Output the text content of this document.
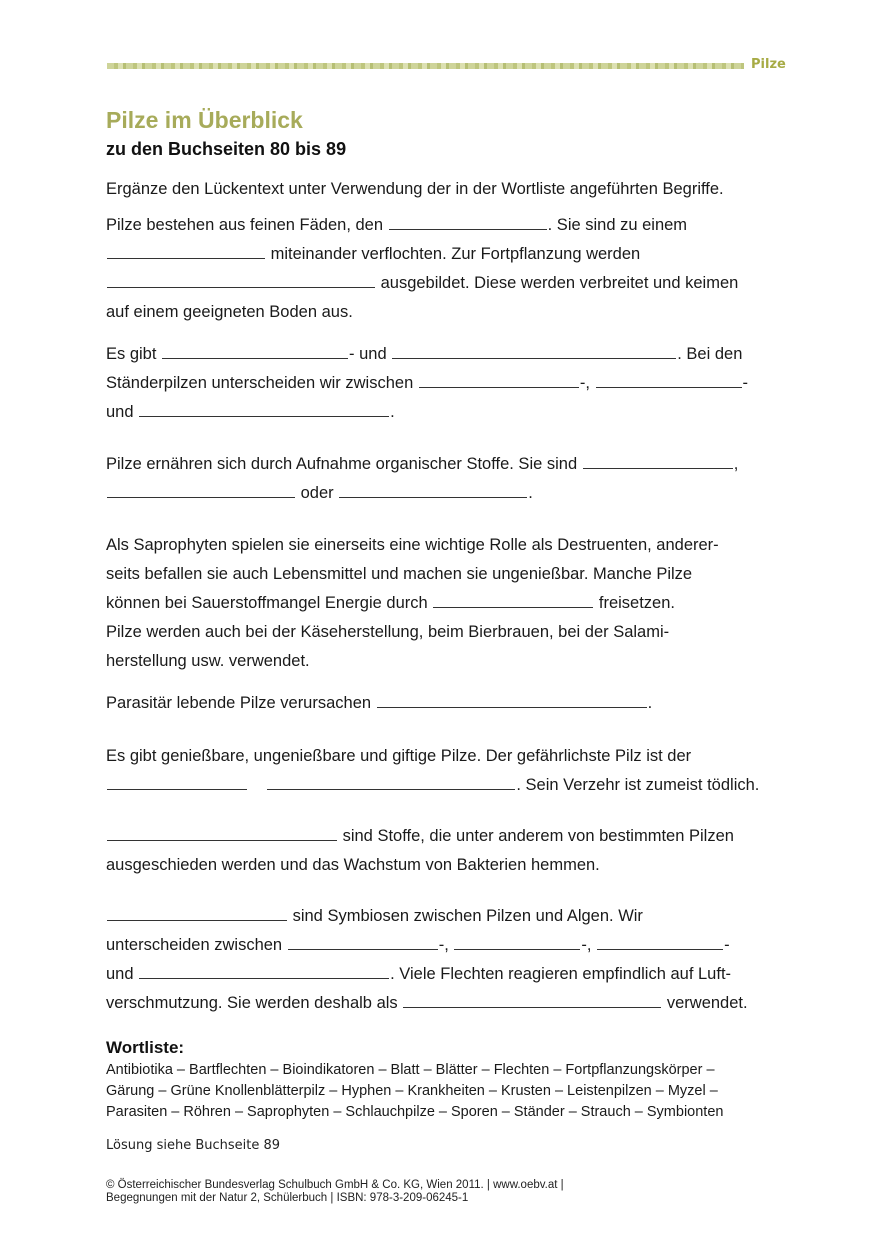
Pilze
Pilze im Überblick
zu den Buchseiten 80 bis 89
Ergänze den Lückentext unter Verwendung der in der Wortliste angeführten Begriffe.
Pilze bestehen aus feinen Fäden, den	. Sie sind zu einem
miteinander verflochten. Zur Fortpflanzung werden
ausgebildet. Diese werden verbreitet und keimen
auf einem geeigneten Boden aus.
Es gibt	- und	. Bei den
Ständerpilzen unterscheiden wir zwischen	-,	-
und	.
Pilze ernähren sich durch Aufnahme organischer Stoffe. Sie sind	,
oder	.
Als Saprophyten spielen sie einerseits eine wichtige Rolle als Destruenten, anderer-
seits befallen sie auch Lebensmittel und machen sie ungenießbar. Manche Pilze
können bei Sauerstoffmangel Energie durch	freisetzen.
Pilze werden auch bei der Käseherstellung, beim Bierbrauen, bei der Salami-
herstellung usw. verwendet.
Parasitär lebende Pilze verursachen	.
Es gibt genießbare, ungenießbare und giftige Pilze. Der gefährlichste Pilz ist der
. Sein Verzehr ist zumeist tödlich.
sind Stoffe, die unter anderem von bestimmten Pilzen
ausgeschieden werden und das Wachstum von Bakterien hemmen.
sind Symbiosen zwischen Pilzen und Algen. Wir
unterscheiden zwischen	-,	-,	-
und	. Viele Flechten reagieren empfindlich auf Luft-
verschmutzung. Sie werden deshalb als	verwendet.
Wortliste:
Antibiotika – Bartflechten – Bioindikatoren – Blatt – Blätter – Flechten – Fortpflanzungskörper –
Gärung – Grüne Knollenblätterpilz – Hyphen – Krankheiten – Krusten – Leistenpilzen – Myzel –
Parasiten – Röhren – Saprophyten – Schlauchpilze – Sporen – Ständer – Strauch – Symbionten
Lösung siehe Buchseite 89
© Österreichischer Bundesverlag Schulbuch GmbH & Co. KG, Wien 2011. | www.oebv.at |
Begegnungen mit der Natur 2, Schülerbuch | ISBN: 978-3-209-06245-1
